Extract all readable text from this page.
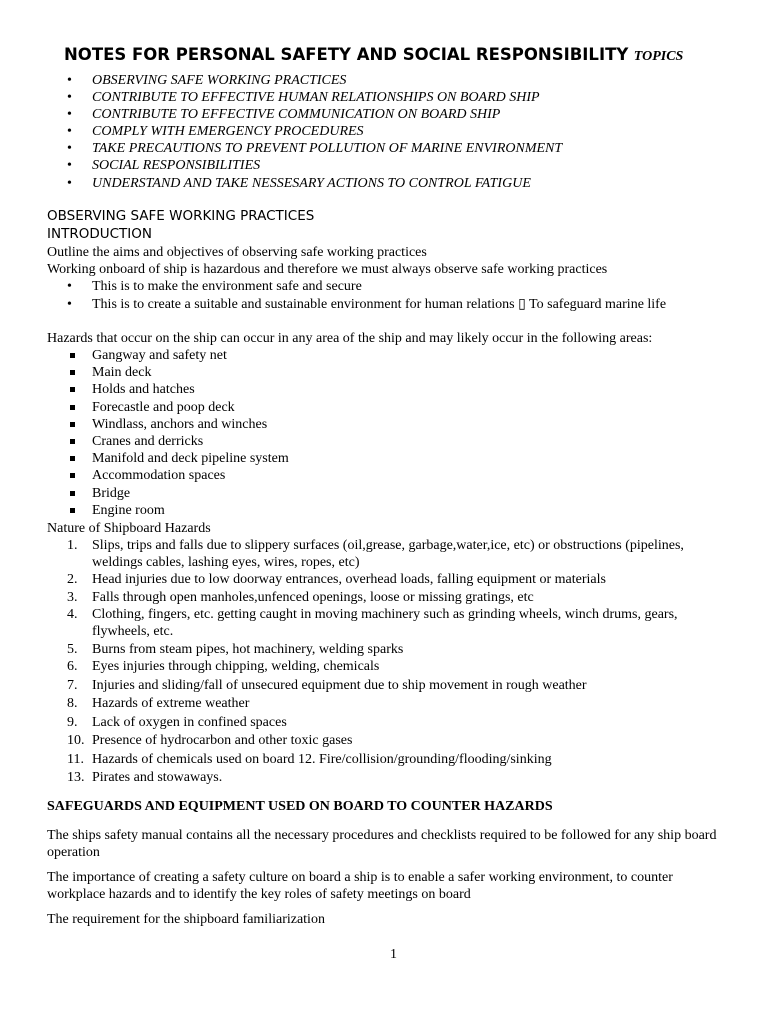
NOTES FOR PERSONAL SAFETY AND SOCIAL RESPONSIBILITY TOPICS
• OBSERVING SAFE WORKING PRACTICES
• CONTRIBUTE TO EFFECTIVE HUMAN RELATIONSHIPS ON BOARD SHIP
• CONTRIBUTE TO EFFECTIVE COMMUNICATION ON BOARD SHIP
• COMPLY WITH EMERGENCY PROCEDURES
• TAKE PRECAUTIONS TO PREVENT POLLUTION OF MARINE ENVIRONMENT
• SOCIAL RESPONSIBILITIES
• UNDERSTAND AND TAKE NESSESARY ACTIONS TO CONTROL FATIGUE
OBSERVING SAFE WORKING PRACTICES
INTRODUCTION
Outline the aims and objectives of observing safe working practices
Working onboard of ship is hazardous and therefore we must always observe safe working practices
• This is to make the environment safe and secure
• This is to create a suitable and sustainable environment for human relations ▯ To safeguard marine life
Hazards that occur on the ship can occur in any area of the ship and may likely occur in the following areas:
Gangway and safety net
Main deck
Holds and hatches
Forecastle and poop deck
Windlass, anchors and winches
Cranes and derricks
Manifold and deck pipeline system
Accommodation spaces
Bridge
Engine room
Nature of Shipboard Hazards
1. Slips, trips and falls due to slippery surfaces (oil,grease, garbage,water,ice, etc) or obstructions (pipelines, weldings cables, lashing eyes, wires, ropes, etc)
2. Head injuries due to low doorway entrances, overhead loads, falling equipment or materials
3. Falls through open manholes,unfenced openings, loose or missing gratings, etc
4. Clothing, fingers, etc. getting caught in moving machinery such as grinding wheels, winch drums, gears, flywheels, etc.
5. Burns from steam pipes, hot machinery, welding sparks
6. Eyes injuries through chipping, welding, chemicals
7. Injuries and sliding/fall of unsecured equipment due to ship movement in rough weather
8. Hazards of extreme weather
9. Lack of oxygen in confined spaces
10. Presence of hydrocarbon and other toxic gases
11. Hazards of chemicals used on board 12. Fire/collision/grounding/flooding/sinking
13. Pirates and stowaways.
SAFEGUARDS AND EQUIPMENT USED ON BOARD TO COUNTER HAZARDS
The ships safety manual contains all the necessary procedures and checklists required to be followed for any ship board operation
The importance of creating a safety culture on board a ship is to enable a safer working environment, to counter workplace hazards and to identify the key roles of safety meetings on board
The requirement for the shipboard familiarization
1
